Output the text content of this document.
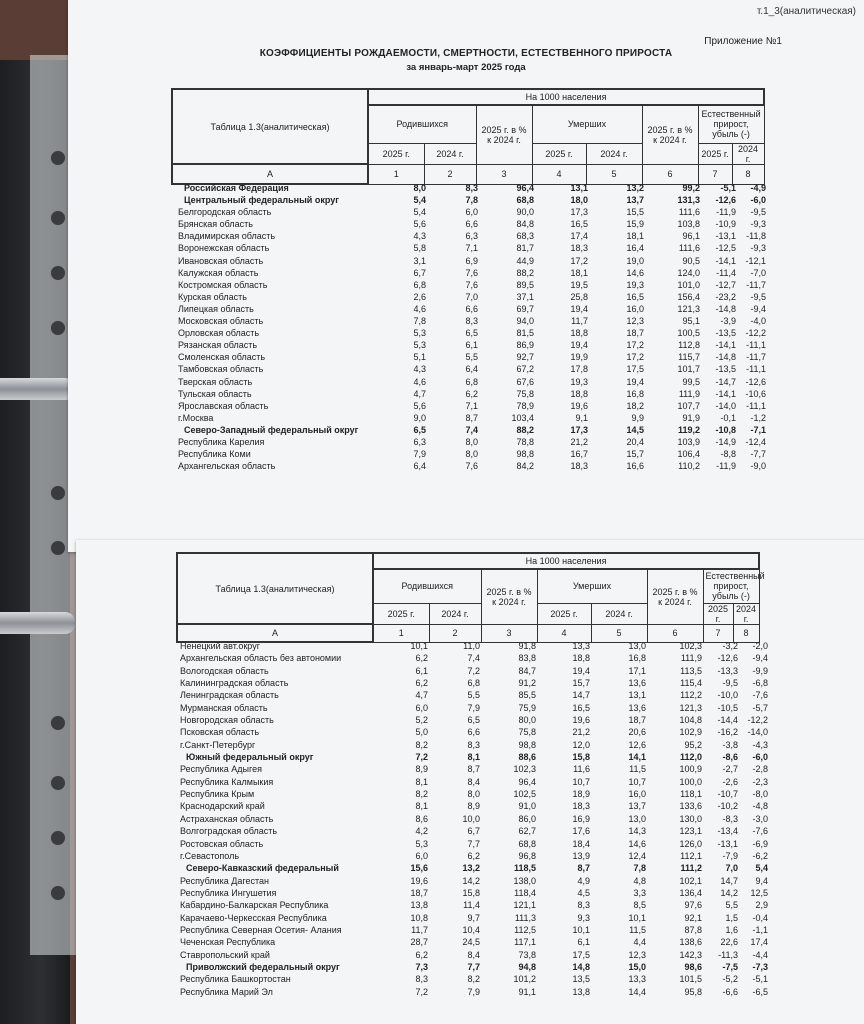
т.1_3(аналитическая)
Приложение №1
КОЭФФИЦИЕНТЫ РОЖДАЕМОСТИ, СМЕРТНОСТИ, ЕСТЕСТВЕННОГО ПРИРОСТА
за январь-март 2025 года
Таблица 1.3(аналитическая)	На 1000 населения							
	Родившихся		2025 г. в % к 2024 г.	Умерших		2025 г. в % к 2024 г.	Естественный прирост, убыль (-)	
	2025 г.	2024 г.		2025 г.	2024 г.		2025 г.	2024 г.
А	1	2	3	4	5	6	7	8
Российская Федерация	8,0	8,3	96,4	13,1	13,2	99,2	-5,1	-4,9
Центральный федеральный округ	5,4	7,8	68,8	18,0	13,7	131,3	-12,6	-6,0
Белгородская область	5,4	6,0	90,0	17,3	15,5	111,6	-11,9	-9,5
Брянская область	5,6	6,6	84,8	16,5	15,9	103,8	-10,9	-9,3
Владимирская область	4,3	6,3	68,3	17,4	18,1	96,1	-13,1	-11,8
Воронежская область	5,8	7,1	81,7	18,3	16,4	111,6	-12,5	-9,3
Ивановская область	3,1	6,9	44,9	17,2	19,0	90,5	-14,1	-12,1
Калужская область	6,7	7,6	88,2	18,1	14,6	124,0	-11,4	-7,0
Костромская область	6,8	7,6	89,5	19,5	19,3	101,0	-12,7	-11,7
Курская область	2,6	7,0	37,1	25,8	16,5	156,4	-23,2	-9,5
Липецкая область	4,6	6,6	69,7	19,4	16,0	121,3	-14,8	-9,4
Московская область	7,8	8,3	94,0	11,7	12,3	95,1	-3,9	-4,0
Орловская область	5,3	6,5	81,5	18,8	18,7	100,5	-13,5	-12,2
Рязанская область	5,3	6,1	86,9	19,4	17,2	112,8	-14,1	-11,1
Смоленская область	5,1	5,5	92,7	19,9	17,2	115,7	-14,8	-11,7
Тамбовская область	4,3	6,4	67,2	17,8	17,5	101,7	-13,5	-11,1
Тверская область	4,6	6,8	67,6	19,3	19,4	99,5	-14,7	-12,6
Тульская область	4,7	6,2	75,8	18,8	16,8	111,9	-14,1	-10,6
Ярославская область	5,6	7,1	78,9	19,6	18,2	107,7	-14,0	-11,1
г.Москва	9,0	8,7	103,4	9,1	9,9	91,9	-0,1	-1,2
Северо-Западный федеральный округ	6,5	7,4	88,2	17,3	14,5	119,2	-10,8	-7,1
Республика Карелия	6,3	8,0	78,8	21,2	20,4	103,9	-14,9	-12,4
Республика Коми	7,9	8,0	98,8	16,7	15,7	106,4	-8,8	-7,7
Архангельская область	6,4	7,6	84,2	18,3	16,6	110,2	-11,9	-9,0
Таблица 1.3(аналитическая)	На 1000 населения							
	Родившихся		2025 г. в % к 2024 г.	Умерших		2025 г. в % к 2024 г.	Естественный прирост, убыль (-)	
	2025 г.	2024 г.		2025 г.	2024 г.		2025 г.	2024 г.
А	1	2	3	4	5	6	7	8
Ненецкий авт.округ	10,1	11,0	91,8	13,3	13,0	102,3	-3,2	-2,0
Архангельская область без автономии	6,2	7,4	83,8	18,8	16,8	111,9	-12,6	-9,4
Вологодская область	6,1	7,2	84,7	19,4	17,1	113,5	-13,3	-9,9
Калининградская область	6,2	6,8	91,2	15,7	13,6	115,4	-9,5	-6,8
Ленинградская область	4,7	5,5	85,5	14,7	13,1	112,2	-10,0	-7,6
Мурманская область	6,0	7,9	75,9	16,5	13,6	121,3	-10,5	-5,7
Новгородская область	5,2	6,5	80,0	19,6	18,7	104,8	-14,4	-12,2
Псковская область	5,0	6,6	75,8	21,2	20,6	102,9	-16,2	-14,0
г.Санкт-Петербург	8,2	8,3	98,8	12,0	12,6	95,2	-3,8	-4,3
Южный федеральный округ	7,2	8,1	88,6	15,8	14,1	112,0	-8,6	-6,0
Республика Адыгея	8,9	8,7	102,3	11,6	11,5	100,9	-2,7	-2,8
Республика Калмыкия	8,1	8,4	96,4	10,7	10,7	100,0	-2,6	-2,3
Республика Крым	8,2	8,0	102,5	18,9	16,0	118,1	-10,7	-8,0
Краснодарский край	8,1	8,9	91,0	18,3	13,7	133,6	-10,2	-4,8
Астраханская область	8,6	10,0	86,0	16,9	13,0	130,0	-8,3	-3,0
Волгоградская область	4,2	6,7	62,7	17,6	14,3	123,1	-13,4	-7,6
Ростовская область	5,3	7,7	68,8	18,4	14,6	126,0	-13,1	-6,9
г.Севастополь	6,0	6,2	96,8	13,9	12,4	112,1	-7,9	-6,2
Северо-Кавказский федеральный	15,6	13,2	118,5	8,7	7,8	111,2	7,0	5,4
Республика Дагестан	19,6	14,2	138,0	4,9	4,8	102,1	14,7	9,4
Республика Ингушетия	18,7	15,8	118,4	4,5	3,3	136,4	14,2	12,5
Кабардино-Балкарская Республика	13,8	11,4	121,1	8,3	8,5	97,6	5,5	2,9
Карачаево-Черкесская Республика	10,8	9,7	111,3	9,3	10,1	92,1	1,5	-0,4
Республика Северная Осетия- Алания	11,7	10,4	112,5	10,1	11,5	87,8	1,6	-1,1
Чеченская Республика	28,7	24,5	117,1	6,1	4,4	138,6	22,6	17,4
Ставропольский край	6,2	8,4	73,8	17,5	12,3	142,3	-11,3	-4,4
Приволжский федеральный округ	7,3	7,7	94,8	14,8	15,0	98,6	-7,5	-7,3
Республика Башкортостан	8,3	8,2	101,2	13,5	13,3	101,5	-5,2	-5,1
Республика Марий Эл	7,2	7,9	91,1	13,8	14,4	95,8	-6,6	-6,5
